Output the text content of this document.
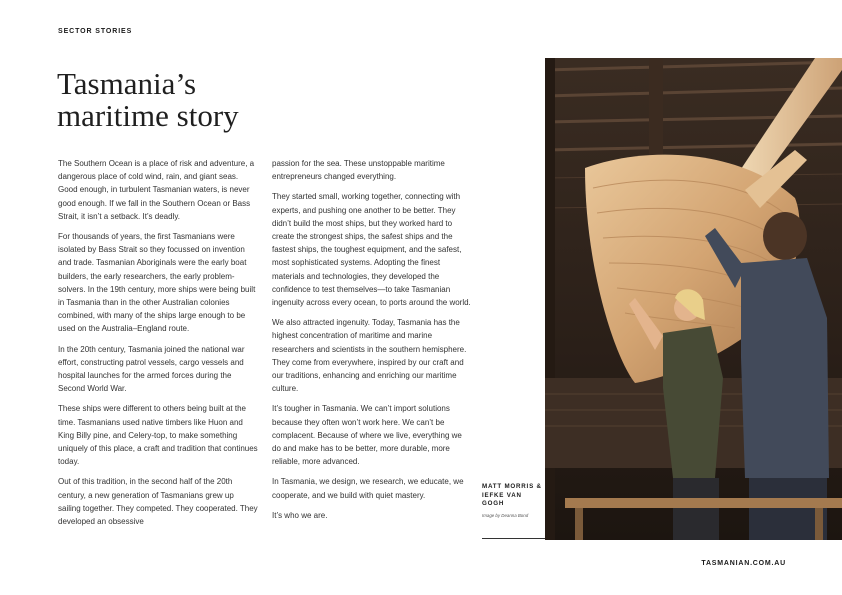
SECTOR STORIES
Tasmania’s
maritime story

The Southern Ocean is a place of risk and adventure, a dangerous place of cold wind, rain, and giant seas. Good enough, in turbulent Tasmanian waters, is never good enough. If we fall in the Southern Ocean or Bass Strait, it isn’t a setback. It’s deadly.

For thousands of years, the first Tasmanians were isolated by Bass Strait so they focussed on invention and trade. Tasmanian Aboriginals were the early boat builders, the early researchers, the early problem-solvers. In the 19th century, more ships were being built in Tasmania than in the other Australian colonies combined, with many of the ships large enough to be used on the Australia–England route.

In the 20th century, Tasmania joined the national war effort, constructing patrol vessels, cargo vessels and hospital launches for the armed forces during the Second World War.

These ships were different to others being built at the time. Tasmanians used native timbers like Huon and King Billy pine, and Celery-top, to make something uniquely of this place, a craft and tradition that continues today.

Out of this tradition, in the second half of the 20th century, a new generation of Tasmanians grew up sailing together. They competed. They cooperated. They developed an obsessive

passion for the sea. These unstoppable maritime entrepreneurs changed everything.

They started small, working together, connecting with experts, and pushing one another to be better. They didn’t build the most ships, but they worked hard to create the strongest ships, the safest ships and the fastest ships, the toughest equipment, and the safest, most sophisticated systems. Adopting the finest materials and technologies, they developed the confidence to test themselves—to take Tasmanian ingenuity across every ocean, to ports around the world.

We also attracted ingenuity. Today, Tasmania has the highest concentration of maritime and marine researchers and scientists in the southern hemisphere. They come from everywhere, inspired by our craft and our traditions, enhancing and enriching our maritime culture.

It’s tougher in Tasmania. We can’t import solutions because they often won’t work here. We can’t be complacent. Because of where we live, everything we do and make has to be better, more durable, more reliable, more advanced.

In Tasmania, we design, we research, we educate, we cooperate, and we build with quiet mastery.

It’s who we are.

MATT MORRIS & IEFKE VAN GOGH
Image by Deanna Bond
TASMANIAN.COM.AU
